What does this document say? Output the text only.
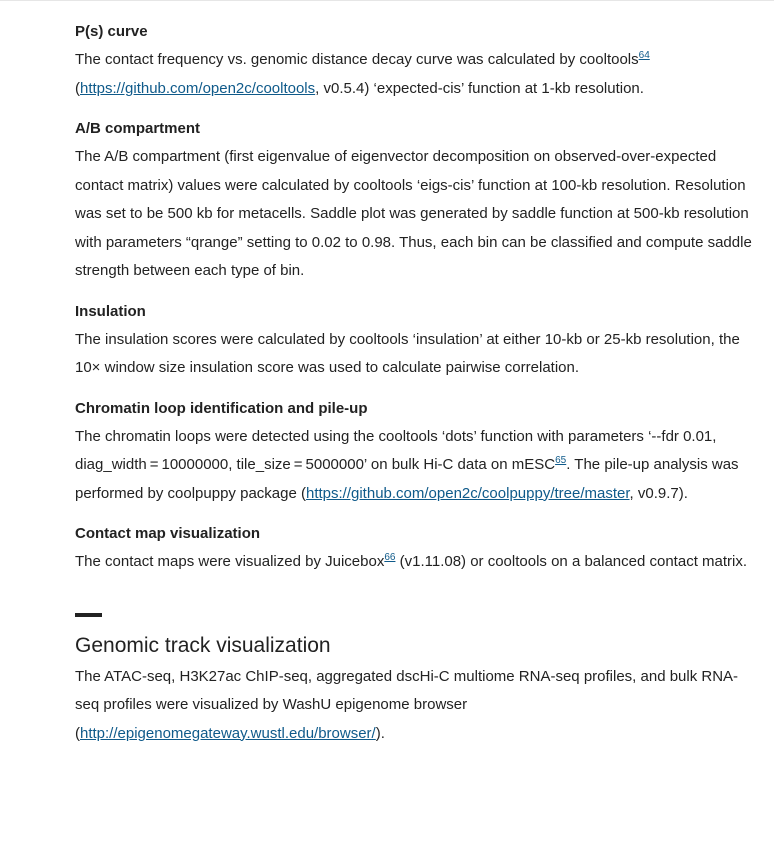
P(s) curve

The contact frequency vs. genomic distance decay curve was calculated by cooltools$^{64}$
(https://github.com/open2c/cooltools, v0.5.4) ‘expected-cis’ function at 1-kb resolution.

A/B compartment

The A/B compartment (first eigenvalue of eigenvector decomposition on observed-over-expected contact matrix) values were calculated by cooltools ‘eigs-cis’ function at 100-kb resolution. Resolution was set to be 500 kb for metacells. Saddle plot was generated by saddle function at 500-kb resolution with parameters “qrange” setting to 0.02 to 0.98. Thus, each bin can be classified and compute saddle strength between each type of bin.

Insulation

The insulation scores were calculated by cooltools ‘insulation’ at either 10-kb or 25-kb resolution, the 10× window size insulation score was used to calculate pairwise correlation.

Chromatin loop identification and pile-up

The chromatin loops were detected using the cooltools ‘dots’ function with parameters ‘--fdr 0.01, diag_width = 10000000, tile_size = 5000000’ on bulk Hi-C data on mESC$^{65}$. The pile-up analysis was performed by coolpuppy package (https://github.com/open2c/coolpuppy/tree/master, v0.9.7).

Contact map visualization

The contact maps were visualized by Juicebox$^{66}$ (v1.11.08) or cooltools on a balanced contact matrix.

Genomic track visualization

The ATAC-seq, H3K27ac ChIP-seq, aggregated dscHi-C multiome RNA-seq profiles, and bulk RNA-seq profiles were visualized by WashU epigenome browser (http://epigenomegateway.wustl.edu/browser/).
